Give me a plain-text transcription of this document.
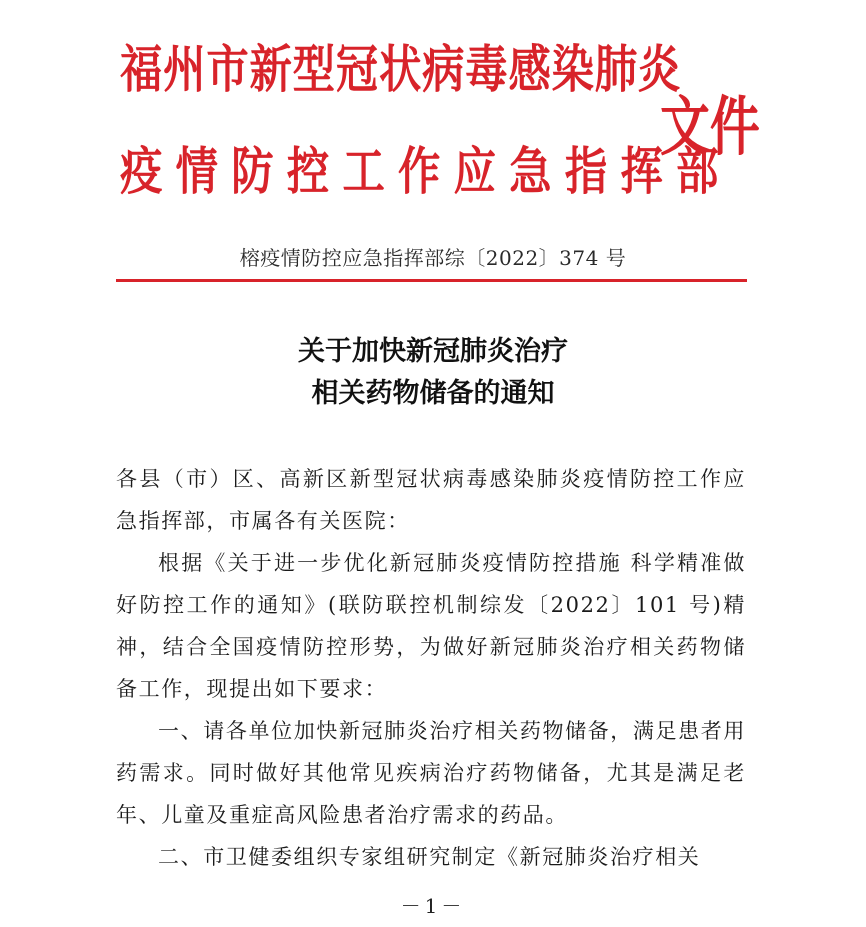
福州市新型冠状病毒感染肺炎
疫情防控工作应急指挥部
文件
榕疫情防控应急指挥部综〔2022〕374 号
关于加快新冠肺炎治疗
相关药物储备的通知

各县（市）区、高新区新型冠状病毒感染肺炎疫情防控工作应急指挥部，市属各有关医院：

根据《关于进一步优化新冠肺炎疫情防控措施 科学精准做好防控工作的通知》(联防联控机制综发〔2022〕101 号)精神，结合全国疫情防控形势，为做好新冠肺炎治疗相关药物储备工作，现提出如下要求：

一、请各单位加快新冠肺炎治疗相关药物储备，满足患者用药需求。同时做好其他常见疾病治疗药物储备，尤其是满足老年、儿童及重症高风险患者治疗需求的药品。

二、市卫健委组织专家组研究制定《新冠肺炎治疗相关

－1－
